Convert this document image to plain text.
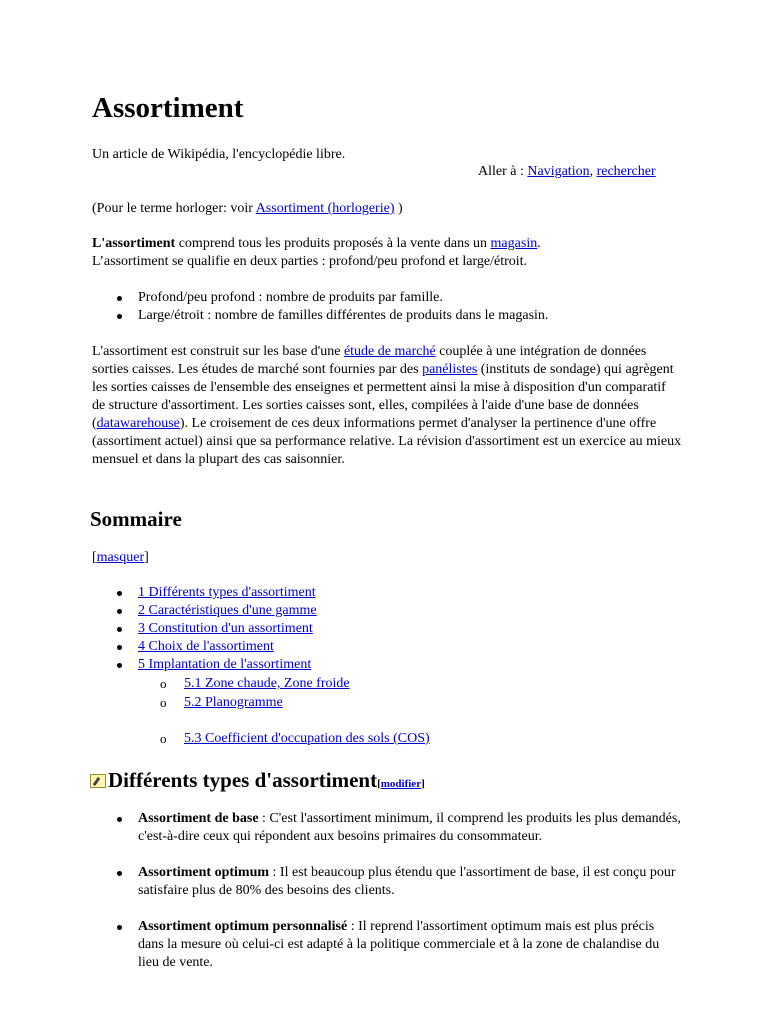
Assortiment
Un article de Wikipédia, l'encyclopédie libre.
Aller à : Navigation, rechercher
(Pour le terme horloger: voir Assortiment (horlogerie) )
L'assortiment comprend tous les produits proposés à la vente dans un magasin.
L’assortiment se qualifie en deux parties : profond/peu profond et large/étroit.
Profond/peu profond : nombre de produits par famille.
Large/étroit : nombre de familles différentes de produits dans le magasin.
L'assortiment est construit sur les base d'une étude de marché couplée à une intégration de données sorties caisses. Les études de marché sont fournies par des panélistes (instituts de sondage) qui agrègent les sorties caisses de l'ensemble des enseignes et permettent ainsi la mise à disposition d'un comparatif de structure d'assortiment. Les sorties caisses sont, elles, compilées à l'aide d'une base de données (datawarehouse). Le croisement de ces deux informations permet d'analyser la pertinence d'une offre (assortiment actuel) ainsi que sa performance relative. La révision d'assortiment est un exercice au mieux mensuel et dans la plupart des cas saisonnier.
Sommaire
[masquer]
1 Différents types d'assortiment
2 Caractéristiques d'une gamme
3 Constitution d'un assortiment
4 Choix de l'assortiment
5 Implantation de l'assortiment
o 5.1 Zone chaude, Zone froide
o 5.2 Planogramme
o 5.3 Coefficient d'occupation des sols (COS)
Différents types d'assortiment[modifier]
Assortiment de base : C'est l'assortiment minimum, il comprend les produits les plus demandés, c'est-à-dire ceux qui répondent aux besoins primaires du consommateur.
Assortiment optimum : Il est beaucoup plus étendu que l'assortiment de base, il est conçu pour satisfaire plus de 80% des besoins des clients.
Assortiment optimum personnalisé : Il reprend l'assortiment optimum mais est plus précis dans la mesure où celui-ci est adapté à la politique commerciale et à la zone de chalandise du lieu de vente.
